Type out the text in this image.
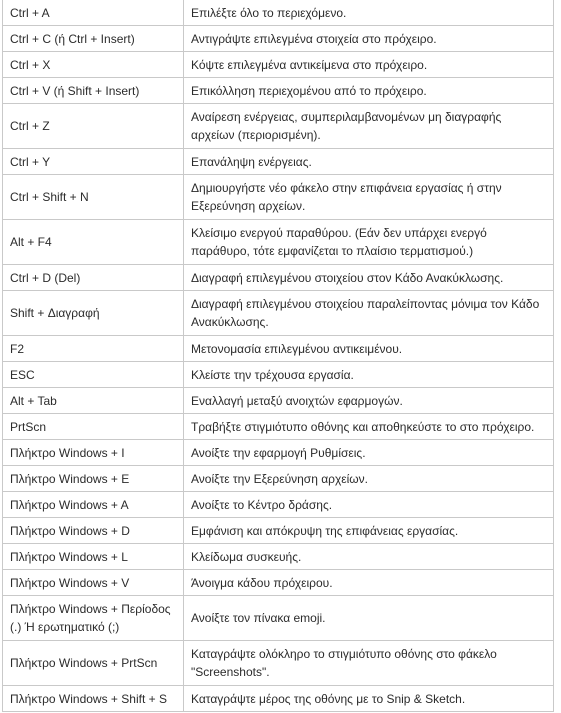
Ctrl + A	Επιλέξτε όλο το περιεχόμενο.
Ctrl + C (ή Ctrl + Insert)	Αντιγράψτε επιλεγμένα στοιχεία στο πρόχειρο.
Ctrl + X	Κόψτε επιλεγμένα αντικείμενα στο πρόχειρο.
Ctrl + V (ή Shift + Insert)	Επικόλληση περιεχομένου από το πρόχειρο.
Ctrl + Z	Αναίρεση ενέργειας, συμπεριλαμβανομένων μη διαγραφής αρχείων (περιορισμένη).
Ctrl + Y	Επανάληψη ενέργειας.
Ctrl + Shift + N	Δημιουργήστε νέο φάκελο στην επιφάνεια εργασίας ή στην Εξερεύνηση αρχείων.
Alt + F4	Κλείσιμο ενεργού παραθύρου. (Εάν δεν υπάρχει ενεργό παράθυρο, τότε εμφανίζεται το πλαίσιο τερματισμού.)
Ctrl + D (Del)	Διαγραφή επιλεγμένου στοιχείου στον Κάδο Ανακύκλωσης.
Shift + Διαγραφή	Διαγραφή επιλεγμένου στοιχείου παραλείποντας μόνιμα τον Κάδο Ανακύκλωσης.
F2	Μετονομασία επιλεγμένου αντικειμένου.
ESC	Κλείστε την τρέχουσα εργασία.
Alt + Tab	Εναλλαγή μεταξύ ανοιχτών εφαρμογών.
PrtScn	Τραβήξτε στιγμιότυπο οθόνης και αποθηκεύστε το στο πρόχειρο.
Πλήκτρο Windows + I	Ανοίξτε την εφαρμογή Ρυθμίσεις.
Πλήκτρο Windows + E	Ανοίξτε την Εξερεύνηση αρχείων.
Πλήκτρο Windows + A	Ανοίξτε το Κέντρο δράσης.
Πλήκτρο Windows + D	Εμφάνιση και απόκρυψη της επιφάνειας εργασίας.
Πλήκτρο Windows + L	Κλείδωμα συσκευής.
Πλήκτρο Windows + V	Άνοιγμα κάδου πρόχειρου.
Πλήκτρο Windows + Περίοδος (.) Ή ερωτηματικό (;)	Ανοίξτε τον πίνακα emoji.
Πλήκτρο Windows + PrtScn	Καταγράψτε ολόκληρο το στιγμιότυπο οθόνης στο φάκελο "Screenshots".
Πλήκτρο Windows + Shift + S	Καταγράψτε μέρος της οθόνης με το Snip & Sketch.
